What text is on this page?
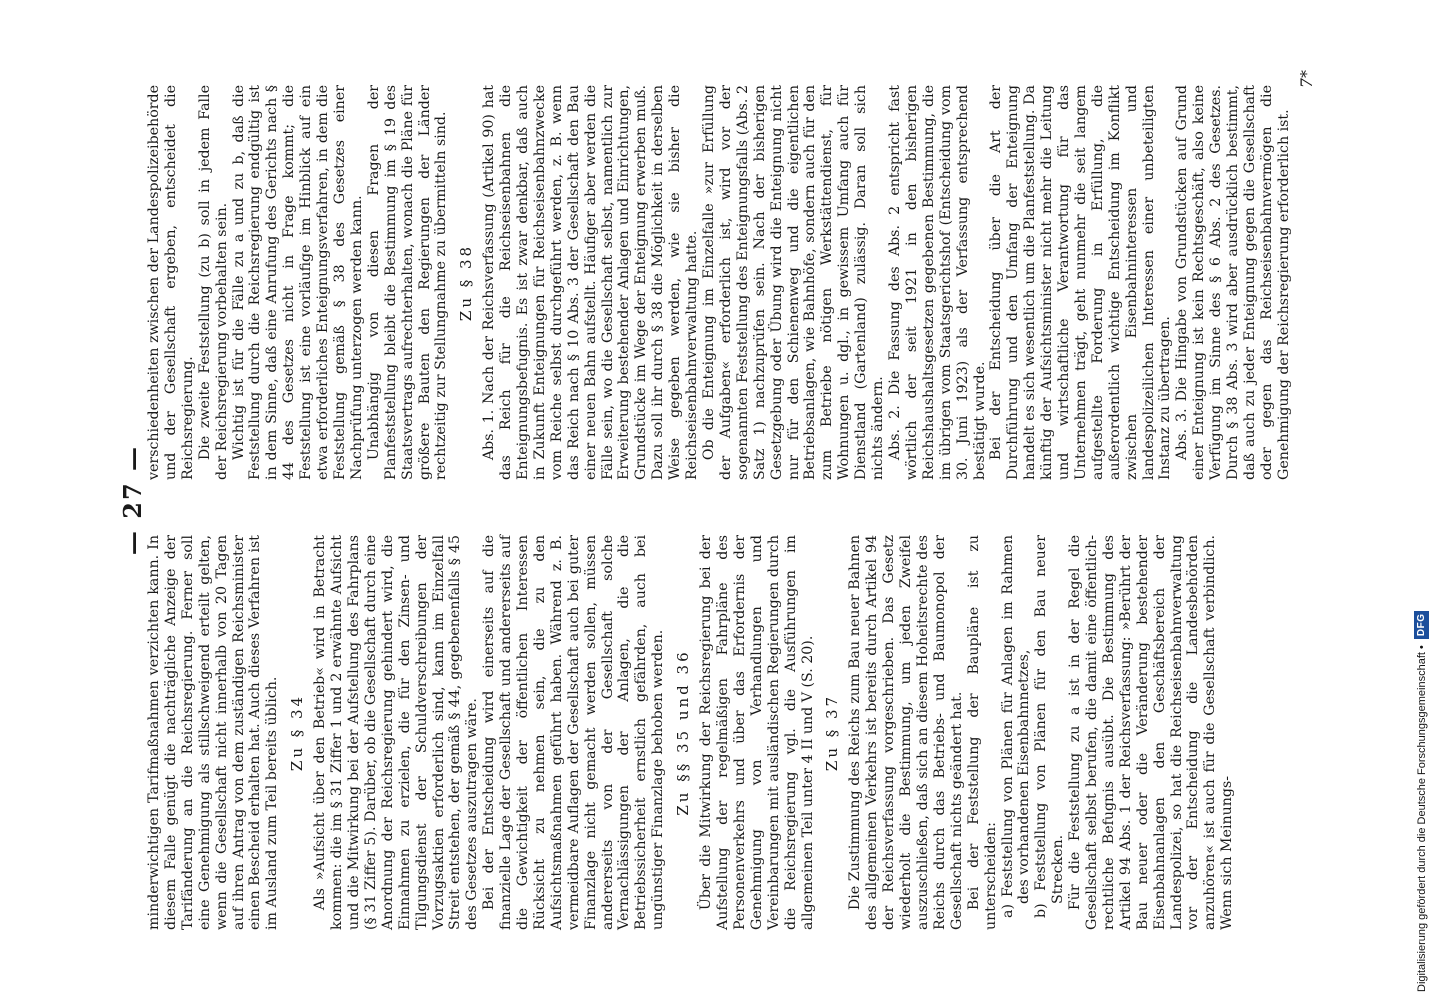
— 27 —

minderwichtigen Tarifmaßnahmen verzichten kann. In diesem Falle genügt die nachträgliche Anzeige der Tarifänderung an die Reichsregierung. Ferner soll eine Genehmigung als stillschweigend erteilt gelten, wenn die Gesellschaft nicht innerhalb von 20 Tagen auf ihren Antrag von dem zuständigen Reichsminister einen Bescheid erhalten hat. Auch dieses Verfahren ist im Ausland zum Teil bereits üblich. Zu § 34 Als »Aufsicht über den Betrieb« wird in Betracht kommen: die im § 31 Ziffer 1 und 2 erwähnte Aufsicht und die Mitwirkung bei der Aufstellung des Fahrplans (§ 31 Ziffer 5). Darüber, ob die Gesellschaft durch eine Anordnung der Reichsregierung gehindert wird, die Einnahmen zu erzielen, die für den Zinsen- und Tilgungsdienst der Schuldverschreibungen der Vorzugsaktien erforderlich sind, kann im Einzelfall Streit entstehen, der gemäß § 44, gegebenenfalls § 45 des Gesetzes auszutragen wäre. Bei der Entscheidung wird einerseits auf die finanzielle Lage der Gesellschaft und andererseits auf die Gewichtigkeit der öffentlichen Interessen Rücksicht zu nehmen sein, die zu den Aufsichtsmaßnahmen geführt haben. Während z. B. vermeidbare Auflagen der Gesellschaft auch bei guter Finanzlage nicht gemacht werden sollen, müssen andererseits von der Gesellschaft solche Vernachlässigungen der Anlagen, die die Betriebssicherheit ernstlich gefährden, auch bei ungünstiger Finanzlage behoben werden. Zu §§ 35 und 36 Über die Mitwirkung der Reichsregierung bei der Aufstellung der regelmäßigen Fahrpläne des Personenverkehrs und über das Erfordernis der Genehmigung von Verhandlungen und Vereinbarungen mit ausländischen Regierungen durch die Reichsregierung vgl. die Ausführungen im allgemeinen Teil unter 4 II und V (S. 20). Zu § 37 Die Zustimmung des Reichs zum Bau neuer Bahnen des allgemeinen Verkehrs ist bereits durch Artikel 94 der Reichsverfassung vorgeschrieben. Das Gesetz wiederholt die Bestimmung, um jeden Zweifel auszuschließen, daß sich an diesem Hoheitsrechte des Reichs durch das Betriebs- und Baumonopol der Gesellschaft nichts geändert hat. Bei der Feststellung der Baupläne ist zu unterscheiden: a) Feststellung von Plänen für Anlagen im Rahmen des vorhandenen Eisenbahnnetzes, b) Feststellung von Plänen für den Bau neuer Strecken. Für die Feststellung zu a ist in der Regel die Gesellschaft selbst berufen, die damit eine öffentlich-rechtliche Befugnis ausübt. Die Bestimmung des Artikel 94 Abs. 1 der Reichsverfassung: »Berührt der Bau neuer oder die Veränderung bestehender Eisenbahnanlagen den Geschäftsbereich der Landespolizei, so hat die Reichseisenbahnverwaltung vor der Entscheidung die Landesbehörden anzuhören« ist auch für die Gesellschaft verbindlich. Wenn sich Meinungs-

verschiedenheiten zwischen der Landespolizeibehörde und der Gesellschaft ergeben, entscheidet die Reichsregierung. Die zweite Feststellung (zu b) soll in jedem Falle der Reichsregierung vorbehalten sein. Wichtig ist für die Fälle zu a und zu b, daß die Feststellung durch die Reichsregierung endgültig ist in dem Sinne, daß eine Anrufung des Gerichts nach § 44 des Gesetzes nicht in Frage kommt; die Feststellung ist eine vorläufige im Hinblick auf ein etwa erforderliches Enteignungsverfahren, in dem die Feststellung gemäß § 38 des Gesetzes einer Nachprüfung unterzogen werden kann. Unabhängig von diesen Fragen der Planfeststellung bleibt die Bestimmung im § 19 des Staatsvertrags aufrechterhalten, wonach die Pläne für größere Bauten den Regierungen der Länder rechtzeitig zur Stellungnahme zu übermitteln sind. Zu § 38 Abs. 1. Nach der Reichsverfassung (Artikel 90) hat das Reich für die Reichseisenbahnen die Enteignungsbefugnis. Es ist zwar denkbar, daß auch in Zukunft Enteignungen für Reichseisenbahnzwecke vom Reiche selbst durchgeführt werden, z. B. wenn das Reich nach § 10 Abs. 3 der Gesellschaft den Bau einer neuen Bahn aufstellt. Häufiger aber werden die Fälle sein, wo die Gesellschaft selbst, namentlich zur Erweiterung bestehender Anlagen und Einrichtungen, Grundstücke im Wege der Enteignung erwerben muß. Dazu soll ihr durch § 38 die Möglichkeit in derselben Weise gegeben werden, wie sie bisher die Reichseisenbahnverwaltung hatte. Ob die Enteignung im Einzelfalle »zur Erfüllung der Aufgaben« erforderlich ist, wird vor der sogenannten Feststellung des Enteignungsfalls (Abs. 2 Satz 1) nachzuprüfen sein. Nach der bisherigen Gesetzgebung oder Übung wird die Enteignung nicht nur für den Schienenweg und die eigentlichen Betriebsanlagen, wie Bahnhöfe, sondern auch für den zum Betriebe nötigen Werkstättendienst, für Wohnungen u. dgl., in gewissem Umfang auch für Dienstland (Gartenland) zulässig. Daran soll sich nichts ändern. Abs. 2. Die Fassung des Abs. 2 entspricht fast wörtlich der seit 1921 in den bisherigen Reichshaushaltsgesetzen gegebenen Bestimmung, die im übrigen vom Staatsgerichtshof (Entscheidung vom 30. Juni 1923) als der Verfassung entsprechend bestätigt wurde. Bei der Entscheidung über die Art der Durchführung und den Umfang der Enteignung handelt es sich wesentlich um die Planfeststellung. Da künftig der Aufsichtsminister nicht mehr die Leitung und wirtschaftliche Verantwortung für das Unternehmen trägt, geht nunmehr die seit langem aufgestellte Forderung in Erfüllung, die außerordentlich wichtige Entscheidung im Konflikt zwischen Eisenbahninteressen und landespolizeilichen Interessen einer unbeteiligten Instanz zu übertragen. Abs. 3. Die Hingabe von Grundstücken auf Grund einer Enteignung ist kein Rechtsgeschäft, also keine Verfügung im Sinne des § 6 Abs. 2 des Gesetzes. Durch § 38 Abs. 3 wird aber ausdrücklich bestimmt, daß auch zu jeder Enteignung gegen die Gesellschaft oder gegen das Reichseisenbahnvermögen die Genehmigung der Reichsregierung erforderlich ist.

7*
Digitalisierung gefördert durch die Deutsche Forschungsgemeinschaft •
DFG
